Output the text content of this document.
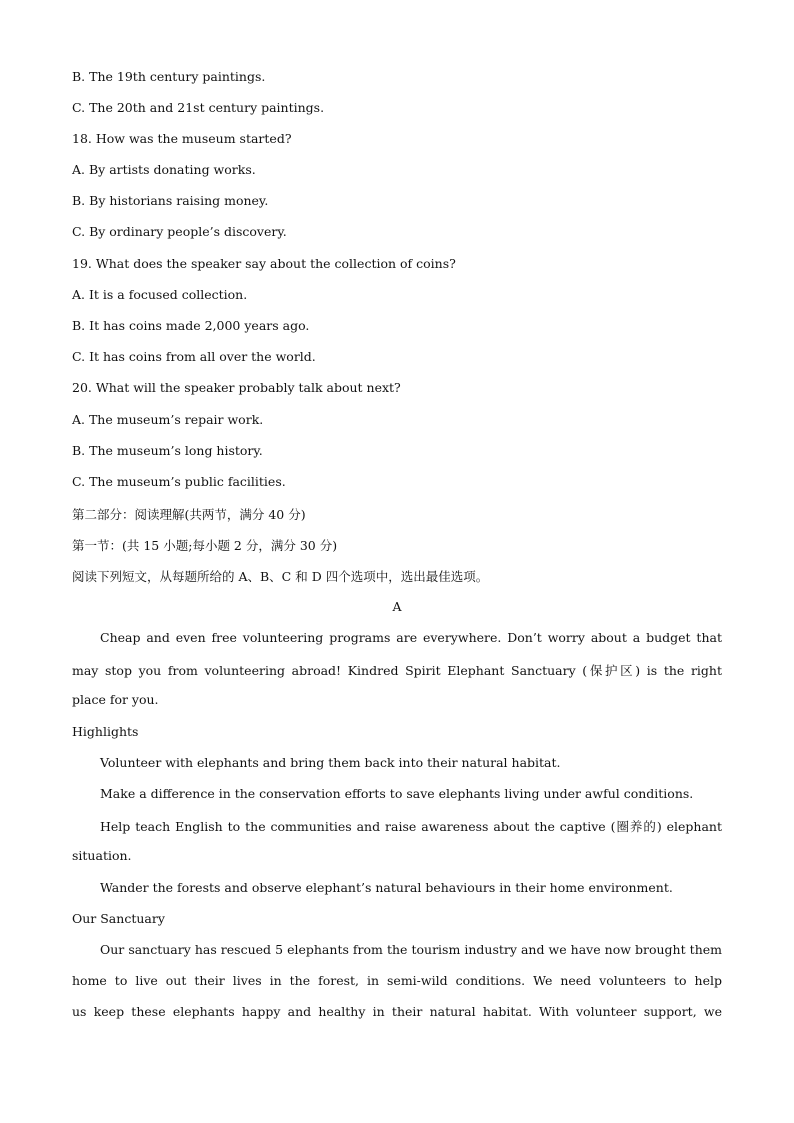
B. The 19th century paintings.
C. The 20th and 21st century paintings.
18. How was the museum started?
A. By artists donating works.
B. By historians raising money.
C. By ordinary people’s discovery.
19. What does the speaker say about the collection of coins?
A. It is a focused collection.
B. It has coins made 2,000 years ago.
C. It has coins from all over the world.
20. What will the speaker probably talk about next?
A. The museum’s repair work.
B. The museum’s long history.
C. The museum’s public facilities.
第二部分：阅读理解(共两节，满分 40 分)
第一节：(共 15 小题;每小题 2 分，满分 30 分)
阅读下列短文，从每题所给的 A、B、C 和 D 四个选项中，选出最佳选项。
A
Cheap and even free volunteering programs are everywhere. Don’t worry about a budget that
may stop you from volunteering abroad! Kindred Spirit Elephant Sanctuary (保护区) is the right
place for you.
Highlights
Volunteer with elephants and bring them back into their natural habitat.
Make a difference in the conservation efforts to save elephants living under awful conditions.
Help teach English to the communities and raise awareness about the captive (圈养的) elephant
situation.
Wander the forests and observe elephant’s natural behaviours in their home environment.
Our Sanctuary
Our sanctuary has rescued 5 elephants from the tourism industry and we have now brought them
home to live out their lives in the forest, in semi-wild conditions. We need volunteers to help
us keep these elephants happy and healthy in their natural habitat. With volunteer support, we
